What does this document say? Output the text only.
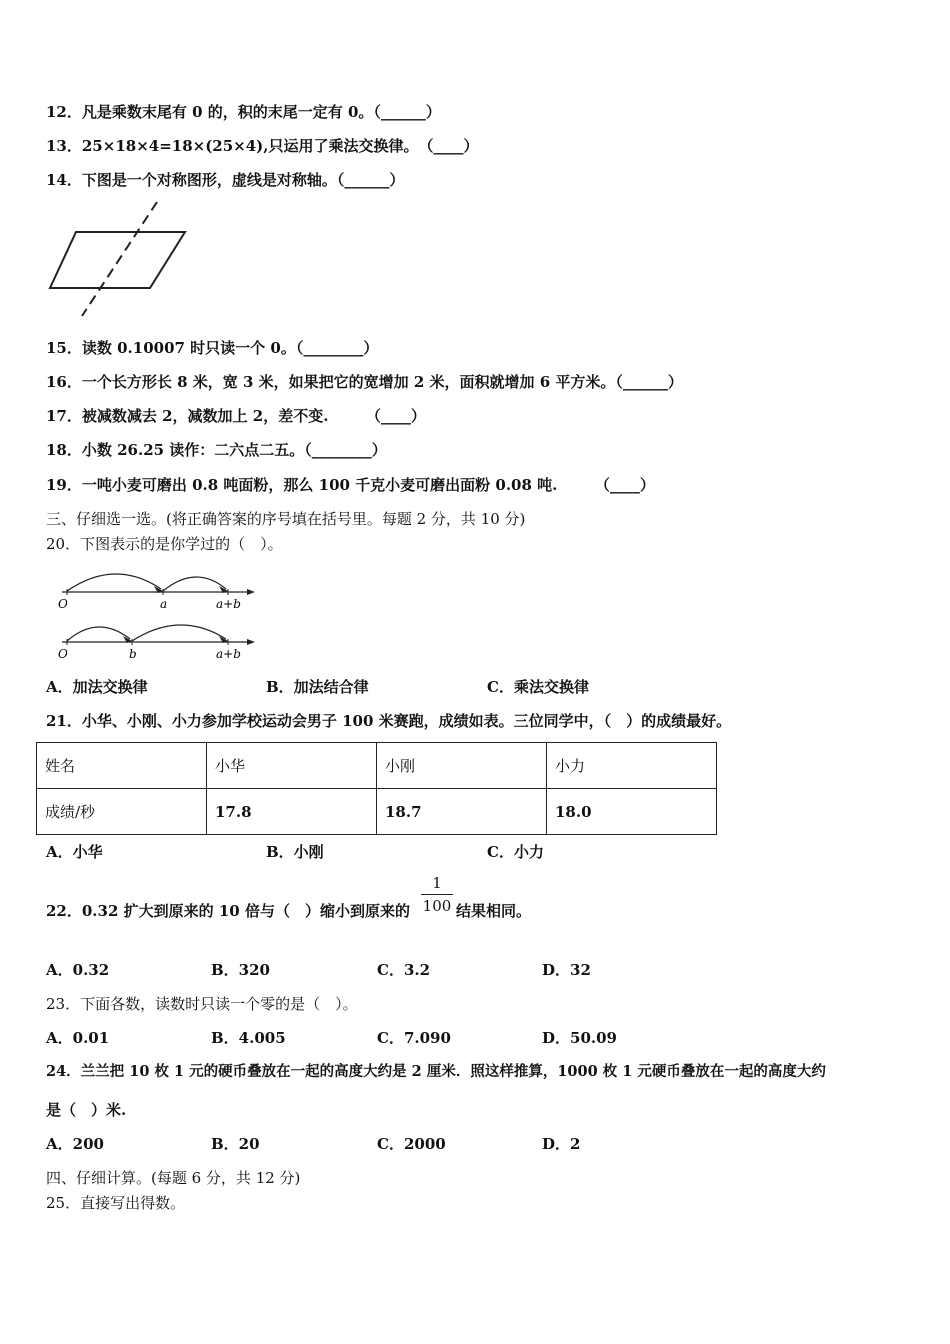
12．凡是乘数末尾有 0 的，积的末尾一定有 0。（______）
13．25×18×4=18×(25×4),只运用了乘法交换律。　（____）
14．下图是一个对称图形，虚线是对称轴。（______）
15．读数 0.10007 时只读一个 0。（________）
16．一个长方形长 8 米，宽 3 米，如果把它的宽增加 2 米，面积就增加 6 平方米。（______）
17．被减数减去 2，减数加上 2，差不变.　　　（____）
18．小数 26.25 读作：二六点二五。（________）
19．一吨小麦可磨出 0.8 吨面粉，那么 100 千克小麦可磨出面粉 0.08 吨.　　　（____）
三、仔细选一选。(将正确答案的序号填在括号里。每题 2 分，共 10 分)
20．下图表示的是你学过的（　）。
O	a	a+b
O	b	a+b
A．加法交换律	B．加法结合律	C．乘法交换律
21．小华、小刚、小力参加学校运动会男子 100 米赛跑，成绩如表。三位同学中，（　）的成绩最好。
姓名	小华	小刚	小力
成绩/秒	17.8	18.7	18.0
A．小华	B．小刚	C．小力
22．0.32 扩大到原来的 10 倍与（　）缩小到原来的
1
100 结果相同。
A．0.32	B．320	C．3.2	D．32
23．下面各数，读数时只读一个零的是（　）。
A．0.01	B．4.005	C．7.090	D．50.09
24．兰兰把 10 枚 1 元的硬币叠放在一起的高度大约是 2 厘米．照这样推算，1000 枚 1 元硬币叠放在一起的高度大约
是（　）米.
A．200	B．20	C．2000	D．2
四、仔细计算。(每题 6 分，共 12 分)
25．直接写出得数。
